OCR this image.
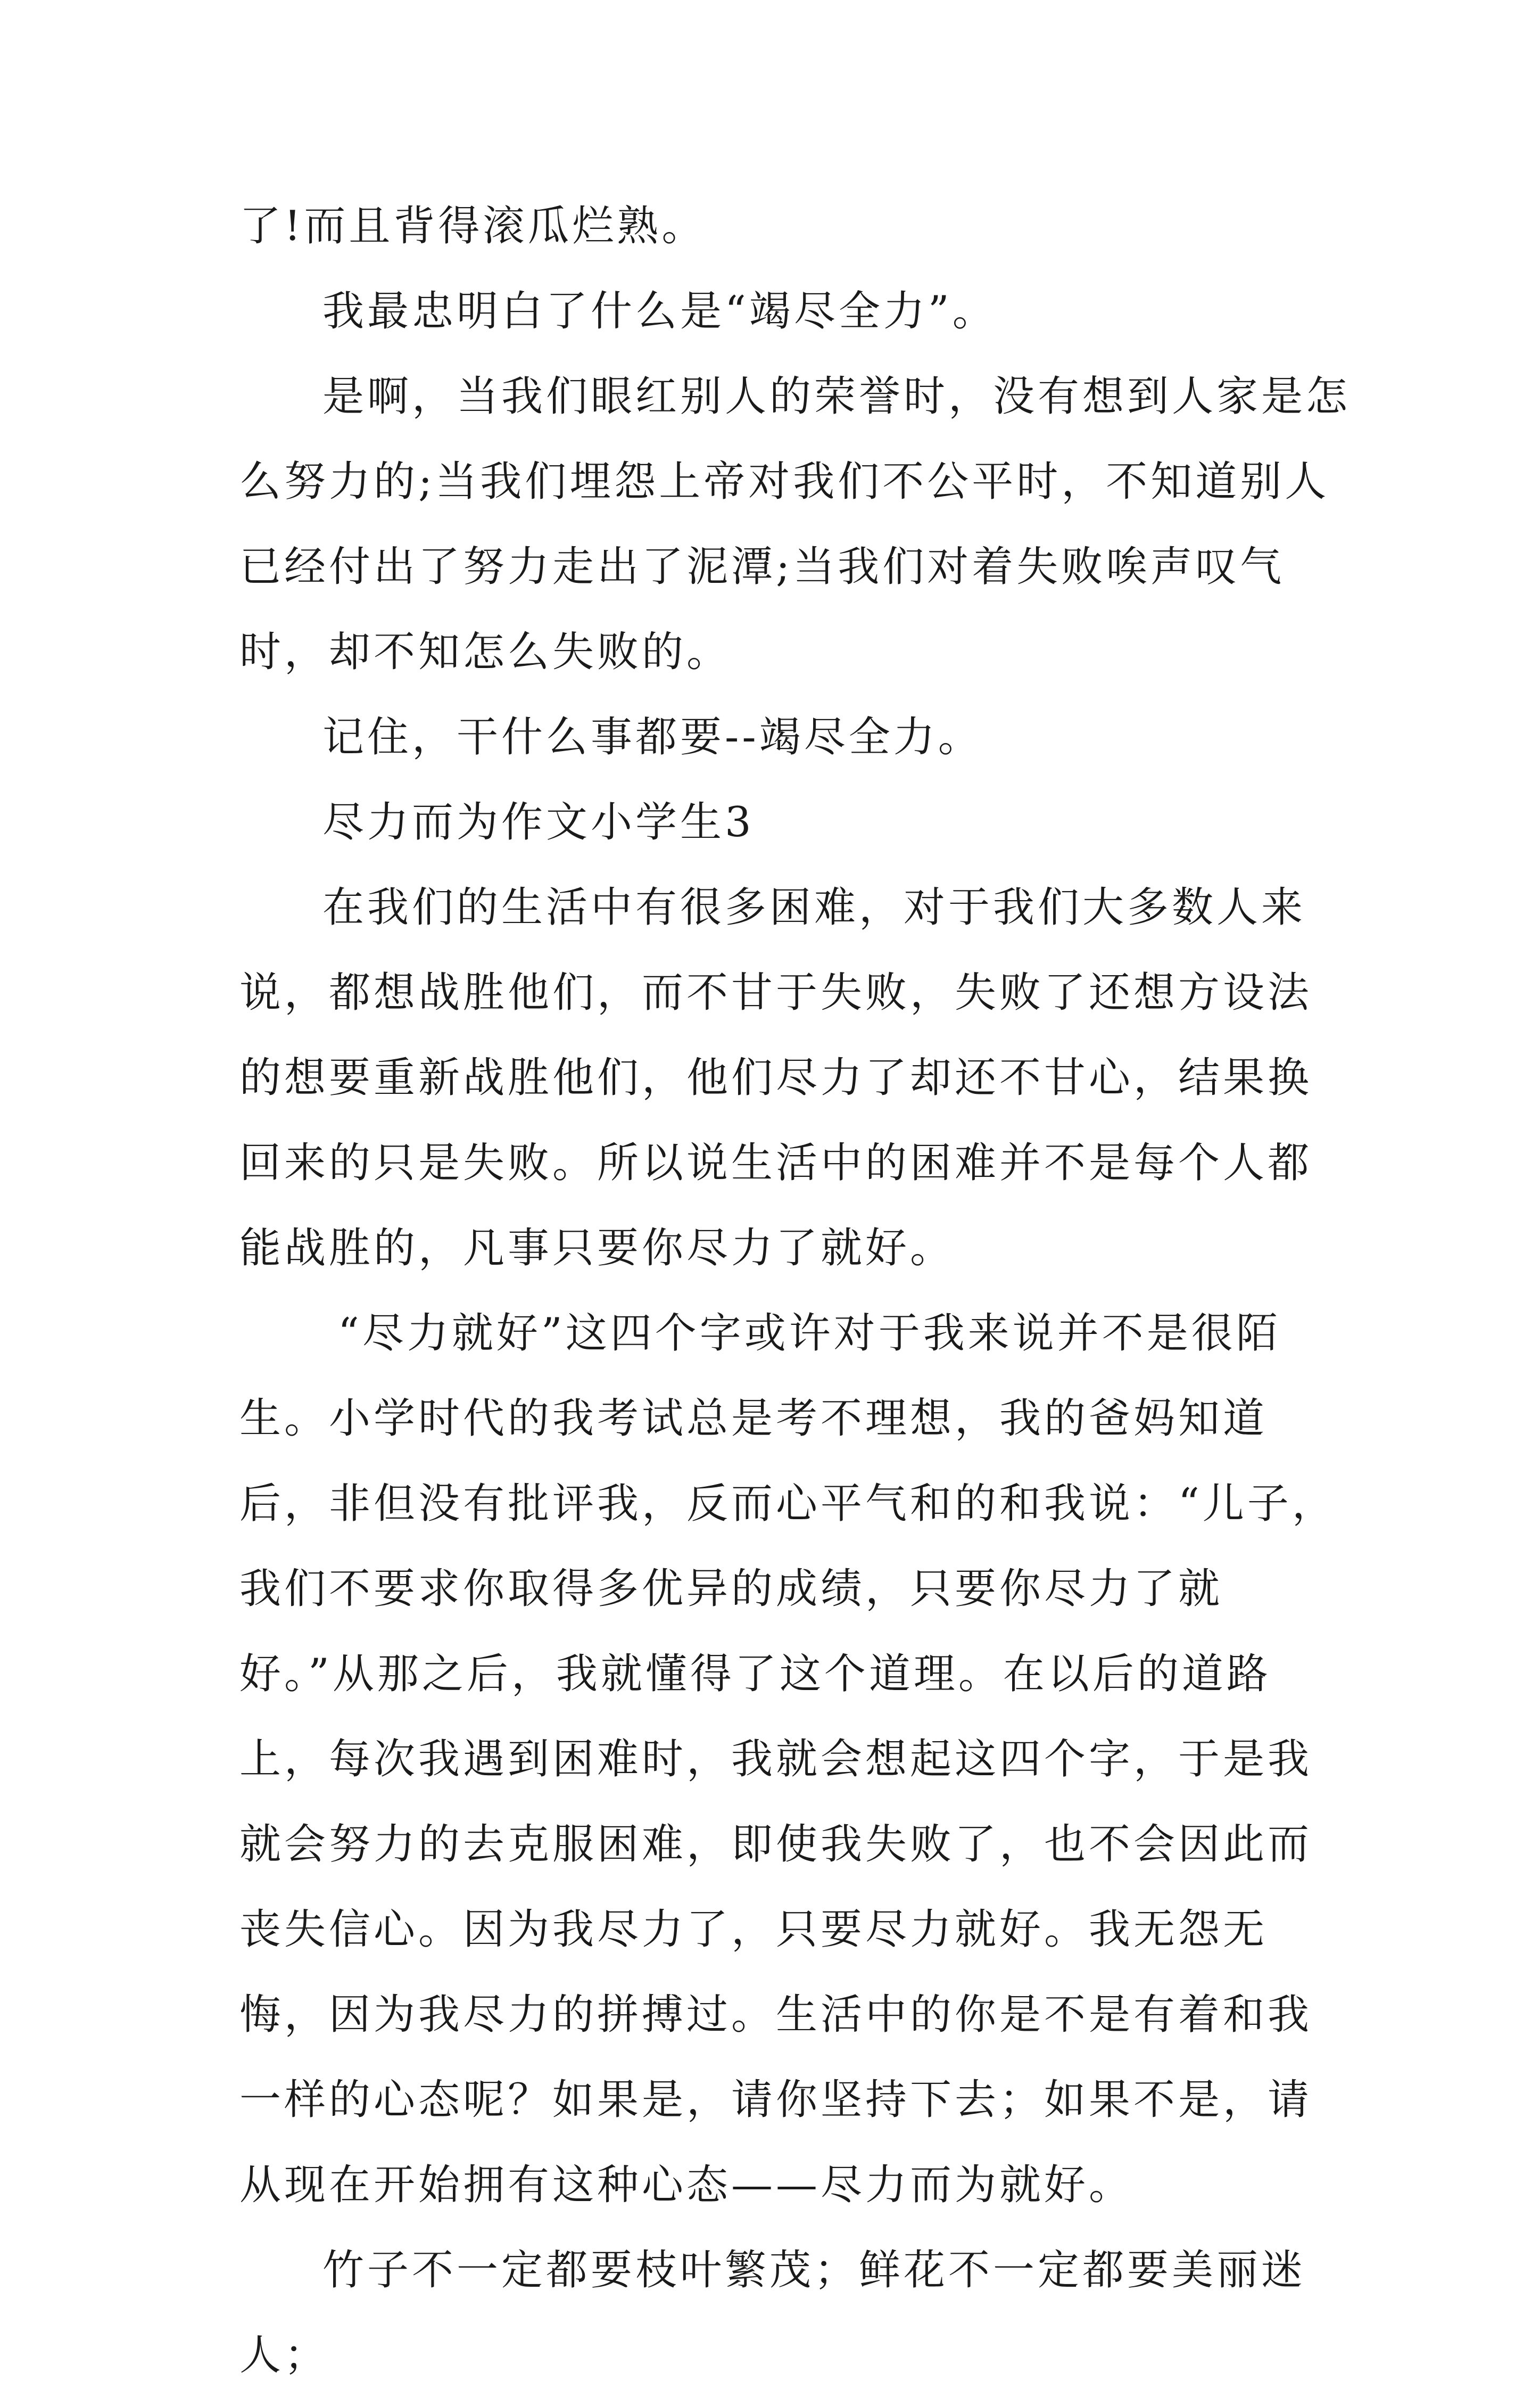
了!而且背得滚瓜烂熟。

我最忠明白了什么是“竭尽全力”。

是啊，当我们眼红别人的荣誉时，没有想到人家是怎么努力的;当我们埋怨上帝对我们不公平时，不知道别人已经付出了努力走出了泥潭;当我们对着失败唉声叹气时，却不知怎么失败的。

记住，干什么事都要--竭尽全力。

尽力而为作文小学生3

在我们的生活中有很多困难，对于我们大多数人来说，都想战胜他们，而不甘于失败，失败了还想方设法的想要重新战胜他们，他们尽力了却还不甘心，结果换回来的只是失败。所以说生活中的困难并不是每个人都能战胜的，凡事只要你尽力了就好。

“尽力就好”这四个字或许对于我来说并不是很陌生。小学时代的我考试总是考不理想，我的爸妈知道后，非但没有批评我，反而心平气和的和我说：“儿子，我们不要求你取得多优异的成绩，只要你尽力了就好。”从那之后，我就懂得了这个道理。在以后的道路上，每次我遇到困难时，我就会想起这四个字，于是我就会努力的去克服困难，即使我失败了，也不会因此而丧失信心。因为我尽力了，只要尽力就好。我无怨无悔，因为我尽力的拼搏过。生活中的你是不是有着和我一样的心态呢？如果是，请你坚持下去；如果不是，请从现在开始拥有这种心态——尽力而为就好。

竹子不一定都要枝叶繁茂；鲜花不一定都要美丽迷人；
